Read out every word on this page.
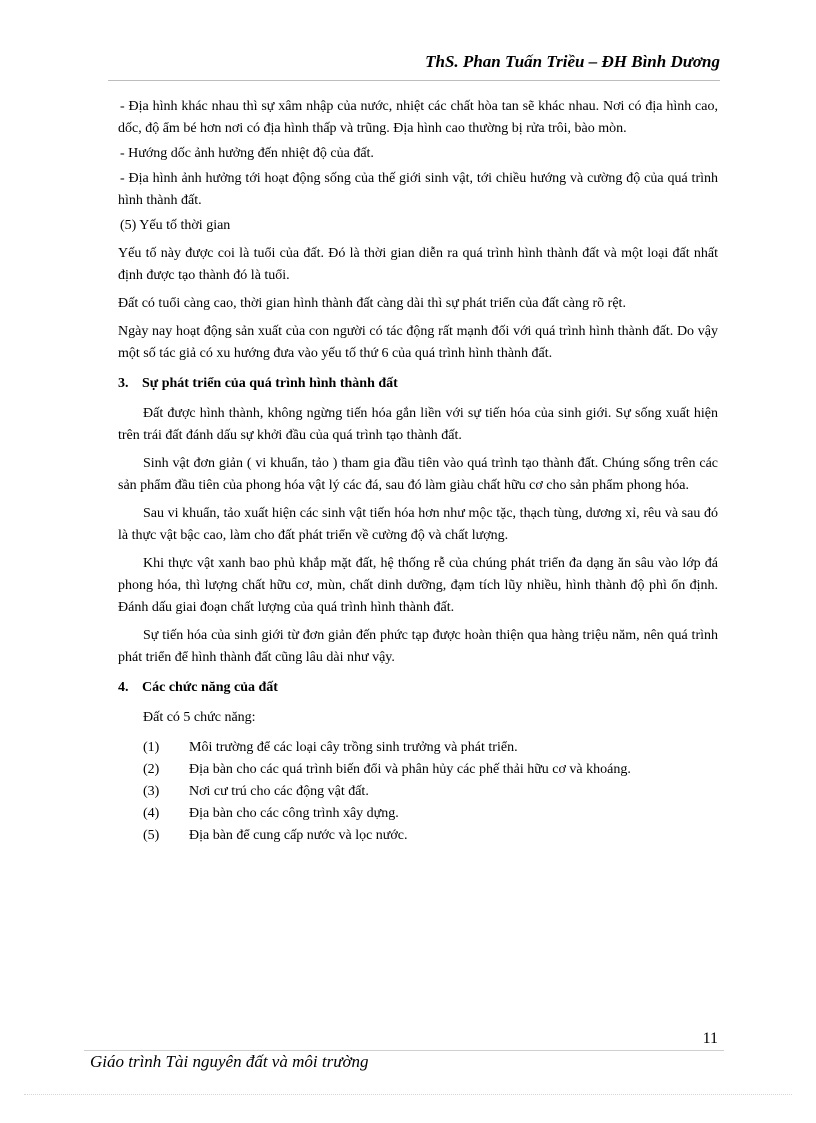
ThS. Phan Tuấn Triều – ĐH Bình Dương

- Địa hình khác nhau thì sự xâm nhập của nước, nhiệt các chất hòa tan sẽ khác nhau. Nơi có địa hình cao, dốc, độ ẩm bé hơn nơi có địa hình thấp và trũng. Địa hình cao thường bị rửa trôi, bào mòn.

- Hướng dốc ảnh hưởng đến nhiệt độ của đất.

- Địa hình ảnh hưởng tới hoạt động sống của thế giới sinh vật, tới chiều hướng và cường độ của quá trình hình thành đất.

(5) Yếu tố thời gian

Yếu tố này được coi là tuổi của đất. Đó là thời gian diễn ra quá trình hình thành đất và một loại đất nhất định được tạo thành đó là tuổi.

Đất có tuổi càng cao, thời gian hình thành đất càng dài thì sự phát triển của đất càng rõ rệt.

Ngày nay hoạt động sản xuất của con người có tác động rất mạnh đối với quá trình hình thành đất. Do vậy một số tác giả có xu hướng đưa vào yếu tố thứ 6 của quá trình hình thành đất.

3. Sự phát triển của quá trình hình thành đất

Đất được hình thành, không ngừng tiến hóa gắn liền với sự tiến hóa của sinh giới. Sự sống xuất hiện trên trái đất đánh dấu sự khởi đầu của quá trình tạo thành đất.

Sinh vật đơn giản ( vi khuẩn, tảo ) tham gia đầu tiên vào quá trình tạo thành đất. Chúng sống trên các sản phẩm đầu tiên của phong hóa vật lý các đá, sau đó làm giàu chất hữu cơ cho sản phẩm phong hóa.

Sau vi khuẩn, tảo xuất hiện các sinh vật tiến hóa hơn như mộc tặc, thạch tùng, dương xỉ, rêu và sau đó là thực vật bậc cao, làm cho đất phát triển về cường độ và chất lượng.

Khi thực vật xanh bao phủ khắp mặt đất, hệ thống rễ của chúng phát triển đa dạng ăn sâu vào lớp đá phong hóa, thì lượng chất hữu cơ, mùn, chất dinh dưỡng, đạm tích lũy nhiều, hình thành độ phì ổn định. Đánh dấu giai đoạn chất lượng của quá trình hình thành đất.

Sự tiến hóa của sinh giới từ đơn giản đến phức tạp được hoàn thiện qua hàng triệu năm, nên quá trình phát triển để hình thành đất cũng lâu dài như vậy.

4. Các chức năng của đất
Đất có 5 chức năng:
(1)	Môi trường để các loại cây trồng sinh trưởng và phát triển.
(2)	Địa bàn cho các quá trình biến đổi và phân hủy các phế thải hữu cơ và khoáng.
(3)	Nơi cư trú cho các động vật đất.
(4)	Địa bàn cho các công trình xây dựng.
(5)	Địa bàn để cung cấp nước và lọc nước.
11
Giáo trình Tài nguyên đất và môi trường
